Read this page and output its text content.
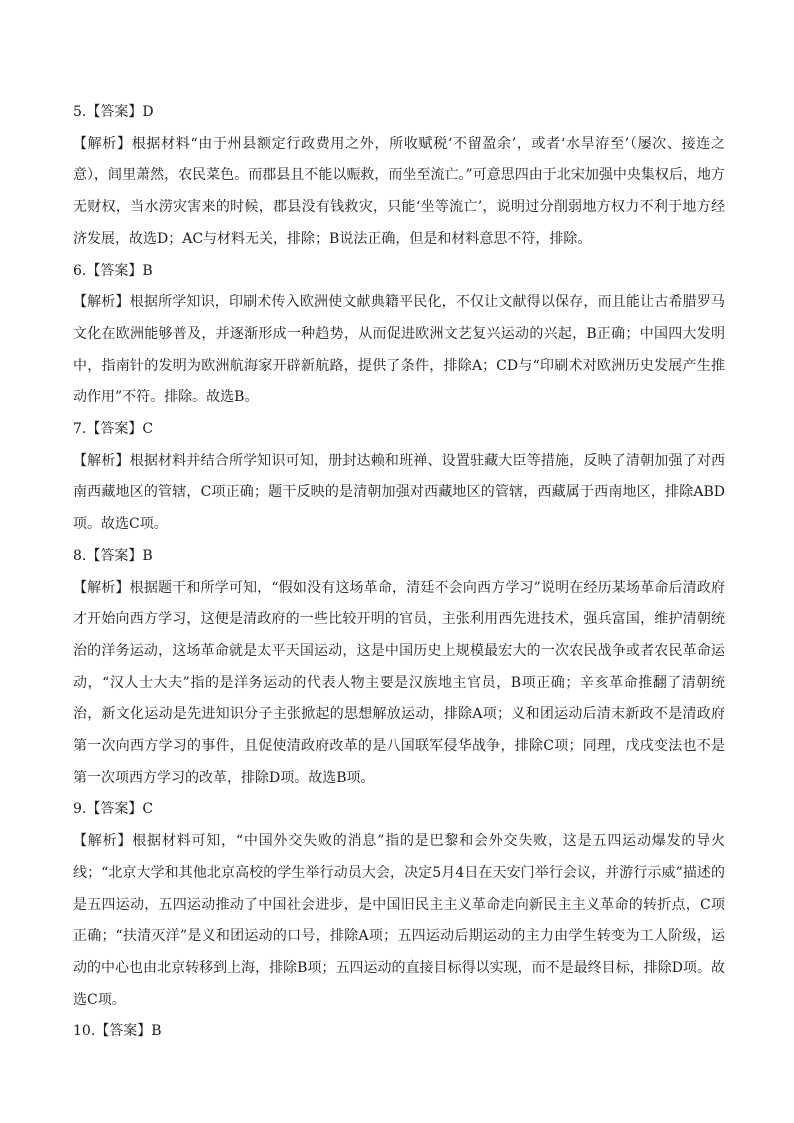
5.【答案】D
【解析】根据材料“由于州县额定行政费用之外，所收赋税‘不留盈余’，或者‘水旱洊至’（屡次、接连之意），闾里萧然，农民菜色。而郡县且不能以赈救，而坐至流亡。”可意思四由于北宋加强中央集权后，地方无财权，当水涝灾害来的时候，郡县没有钱救灾，只能‘坐等流亡’，说明过分削弱地方权力不利于地方经济发展，故选D；AC与材料无关，排除；B说法正确，但是和材料意思不符，排除。
6.【答案】B
【解析】根据所学知识，印刷术传入欧洲使文献典籍平民化，不仅让文献得以保存，而且能让古希腊罗马文化在欧洲能够普及，并逐渐形成一种趋势，从而促进欧洲文艺复兴运动的兴起，B正确；中国四大发明中，指南针的发明为欧洲航海家开辟新航路，提供了条件，排除A；CD与“印刷术对欧洲历史发展产生推动作用”不符。排除。故选B。
7.【答案】C
【解析】根据材料并结合所学知识可知，册封达赖和班禅、设置驻藏大臣等措施，反映了清朝加强了对西南西藏地区的管辖，C项正确；题干反映的是清朝加强对西藏地区的管辖，西藏属于西南地区，排除ABD项。故选C项。
8.【答案】B
【解析】根据题干和所学可知，“假如没有这场革命，清廷不会向西方学习”说明在经历某场革命后清政府才开始向西方学习，这便是清政府的一些比较开明的官员，主张利用西先进技术，强兵富国，维护清朝统治的洋务运动，这场革命就是太平天国运动，这是中国历史上规模最宏大的一次农民战争或者农民革命运动，“汉人士大夫”指的是洋务运动的代表人物主要是汉族地主官员，B项正确；辛亥革命推翻了清朝统治，新文化运动是先进知识分子主张掀起的思想解放运动，排除A项；义和团运动后清末新政不是清政府第一次向西方学习的事件，且促使清政府改革的是八国联军侵华战争，排除C项；同理，戊戌变法也不是第一次项西方学习的改革，排除D项。故选B项。
9.【答案】C
【解析】根据材料可知，“中国外交失败的消息”指的是巴黎和会外交失败，这是五四运动爆发的导火线；“北京大学和其他北京高校的学生举行动员大会，决定5月4日在天安门举行会议，并游行示威”描述的是五四运动，五四运动推动了中国社会进步，是中国旧民主主义革命走向新民主主义革命的转折点，C项正确；“扶清灭洋”是义和团运动的口号，排除A项；五四运动后期运动的主力由学生转变为工人阶级，运动的中心也由北京转移到上海，排除B项；五四运动的直接目标得以实现，而不是最终目标，排除D项。故选C项。
10.【答案】B
